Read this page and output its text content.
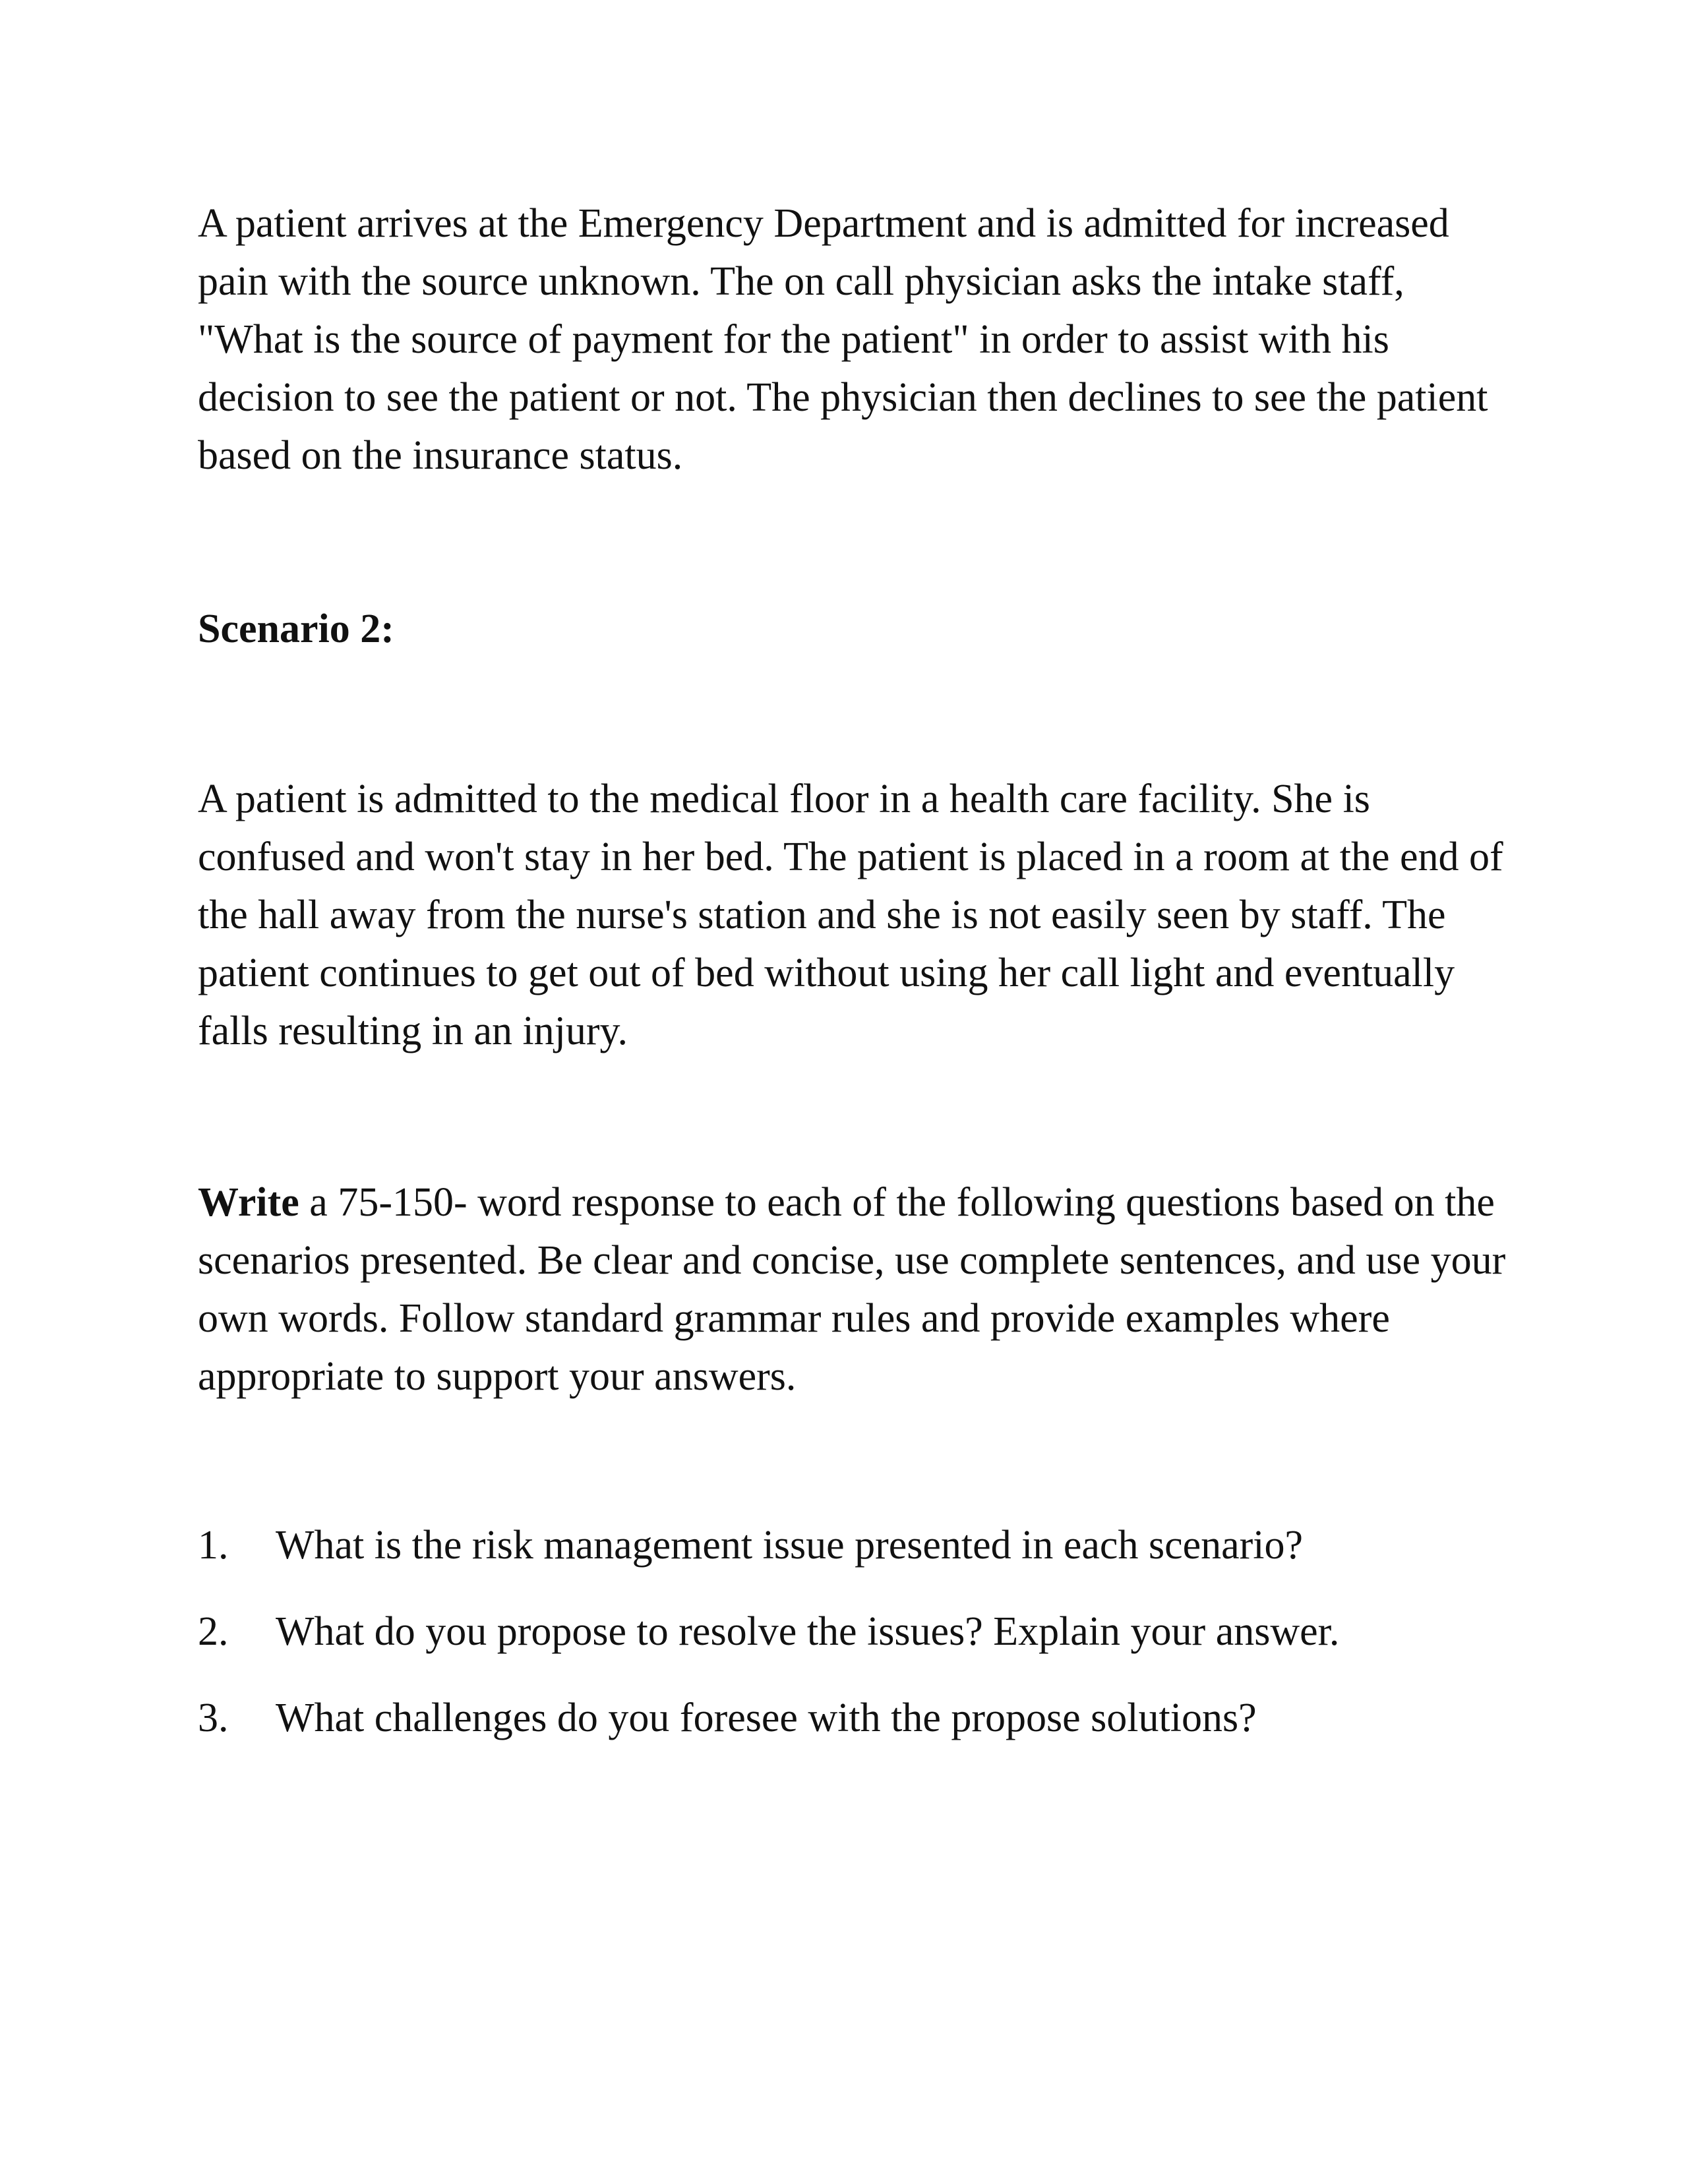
A patient arrives at the Emergency Department and is admitted for increased pain with the source unknown. The on call physician asks the intake staff, "What is the source of payment for the patient" in order to assist with his decision to see the patient or not. The physician then declines to see the patient based on the insurance status.

Scenario 2:

A patient is admitted to the medical floor in a health care facility. She is confused and won't stay in her bed. The patient is placed in a room at the end of the hall away from the nurse's station and she is not easily seen by staff. The patient continues to get out of bed without using her call light and eventually falls resulting in an injury.

Write a 75-150- word response to each of the following questions based on the scenarios presented. Be clear and concise, use complete sentences, and use your own words. Follow standard grammar rules and provide examples where appropriate to support your answers.

1.	What is the risk management issue presented in each scenario?
2.	What do you propose to resolve the issues? Explain your answer.
3.	What challenges do you foresee with the propose solutions?
